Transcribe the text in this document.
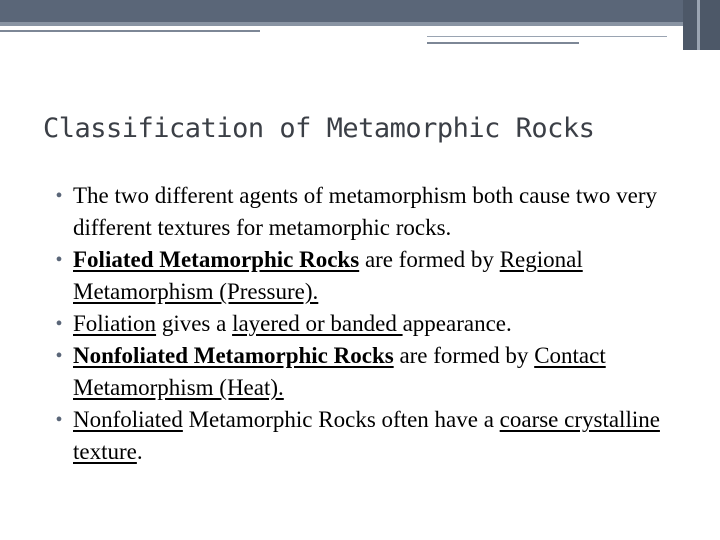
Classification of Metamorphic Rocks
• The two different agents of metamorphism both cause two very different textures for metamorphic rocks.
• Foliated Metamorphic Rocks are formed by Regional Metamorphism (Pressure).
• Foliation gives a layered or banded appearance.
• Nonfoliated Metamorphic Rocks are formed by Contact Metamorphism (Heat).
• Nonfoliated Metamorphic Rocks often have a coarse crystalline texture.
